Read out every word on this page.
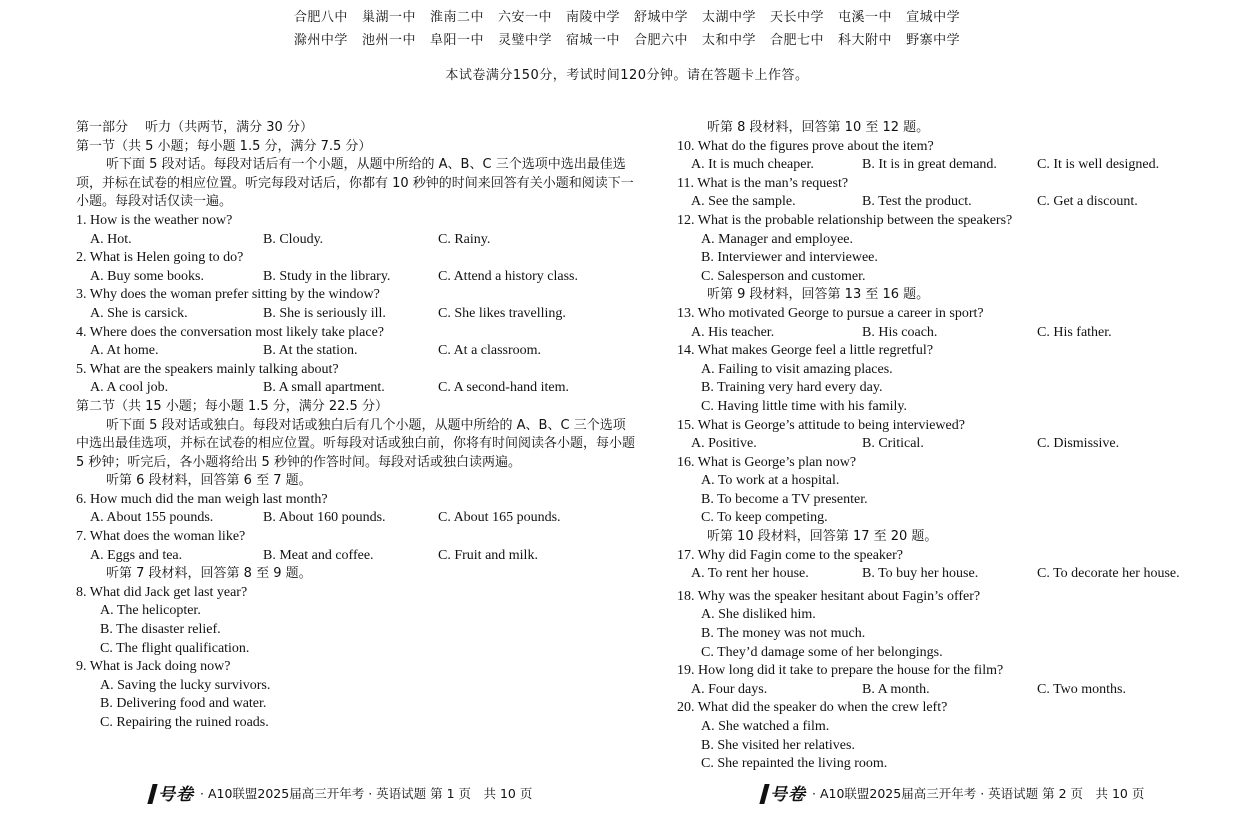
合肥八中 巢湖一中 淮南二中 六安一中 南陵中学 舒城中学 太湖中学 天长中学 屯溪一中 宣城中学
滁州中学 池州一中 阜阳一中 灵璧中学 宿城一中 合肥六中 太和中学 合肥七中 科大附中 野寨中学
本试卷满分150分，考试时间120分钟。请在答题卡上作答。
第一部分　 听力（共两节，满分 30 分）
第一节（共 5 小题；每小题 1.5 分，满分 7.5 分）
听下面 5 段对话。每段对话后有一个小题，从题中所给的 A、B、C 三个选项中选出最佳选项，并标在试卷的相应位置。听完每段对话后，你都有 10 秒钟的时间来回答有关小题和阅读下一小题。每段对话仅读一遍。
1. How is the weather now?
A. Hot.	B. Cloudy.	C. Rainy.
2. What is Helen going to do?
A. Buy some books.	B. Study in the library.	C. Attend a history class.
3. Why does the woman prefer sitting by the window?
A. She is carsick.	B. She is seriously ill.	C. She likes travelling.
4. Where does the conversation most likely take place?
A. At home.	B. At the station.	C. At a classroom.
5. What are the speakers mainly talking about?
A. A cool job.	B. A small apartment.	C. A second-hand item.
第二节（共 15 小题；每小题 1.5 分，满分 22.5 分）
听下面 5 段对话或独白。每段对话或独白后有几个小题，从题中所给的 A、B、C 三个选项中选出最佳选项，并标在试卷的相应位置。听每段对话或独白前，你将有时间阅读各小题，每小题 5 秒钟；听完后，各小题将给出 5 秒钟的作答时间。每段对话或独白读两遍。
听第 6 段材料，回答第 6 至 7 题。
6. How much did the man weigh last month?
A. About 155 pounds.	B. About 160 pounds.	C. About 165 pounds.
7. What does the woman like?
A. Eggs and tea.	B. Meat and coffee.	C. Fruit and milk.
听第 7 段材料，回答第 8 至 9 题。
8. What did Jack get last year?
A. The helicopter.
B. The disaster relief.
C. The flight qualification.
9. What is Jack doing now?
A. Saving the lucky survivors.
B. Delivering food and water.
C. Repairing the ruined roads.
听第 8 段材料，回答第 10 至 12 题。
10. What do the figures prove about the item?
A. It is much cheaper.	B. It is in great demand.	C. It is well designed.
11. What is the man’s request?
A. See the sample.	B. Test the product.	C. Get a discount.
12. What is the probable relationship between the speakers?
A. Manager and employee.
B. Interviewer and interviewee.
C. Salesperson and customer.
听第 9 段材料，回答第 13 至 16 题。
13. Who motivated George to pursue a career in sport?
A. His teacher.	B. His coach.	C. His father.
14. What makes George feel a little regretful?
A. Failing to visit amazing places.
B. Training very hard every day.
C. Having little time with his family.
15. What is George’s attitude to being interviewed?
A. Positive.	B. Critical.	C. Dismissive.
16. What is George’s plan now?
A. To work at a hospital.
B. To become a TV presenter.
C. To keep competing.
听第 10 段材料，回答第 17 至 20 题。
17. Why did Fagin come to the speaker?
A. To rent her house.	B. To buy her house.	C. To decorate her house.
18. Why was the speaker hesitant about Fagin’s offer?
A. She disliked him.
B. The money was not much.
C. They’d damage some of her belongings.
19. How long did it take to prepare the house for the film?
A. Four days.	B. A month.	C. Two months.
20. What did the speaker do when the crew left?
A. She watched a film.
B. She visited her relatives.
C. She repainted the living room.
号卷 · A10联盟2025届高三开年考 · 英语试题 第 1 页　共 10 页	号卷 · A10联盟2025届高三开年考 · 英语试题 第 2 页　共 10 页
